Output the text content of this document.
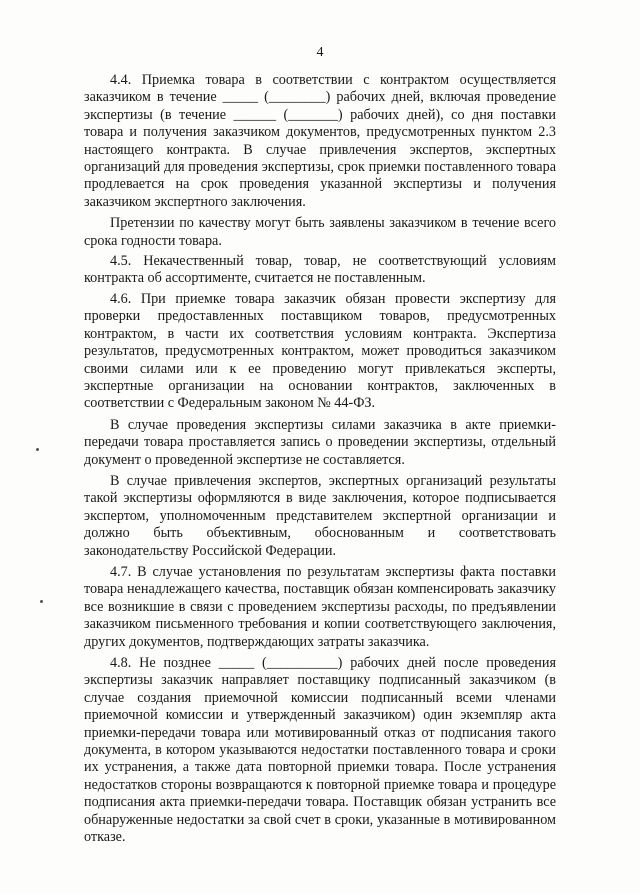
4

4.4. Приемка товара в соответствии с контрактом осуществляется заказчиком в течение _____ (________) рабочих дней, включая проведение экспертизы (в течение ______ (_______) рабочих дней), со дня поставки товара и получения заказчиком документов, предусмотренных пунктом 2.3 настоящего контракта. В случае привлечения экспертов, экспертных организаций для проведения экспертизы, срок приемки поставленного товара продлевается на срок проведения указанной экспертизы и получения заказчиком экспертного заключения.

Претензии по качеству могут быть заявлены заказчиком в течение всего срока годности товара.

4.5. Некачественный товар, товар, не соответствующий условиям контракта об ассортименте, считается не поставленным.

4.6. При приемке товара заказчик обязан провести экспертизу для проверки предоставленных поставщиком товаров, предусмотренных контрактом, в части их соответствия условиям контракта. Экспертиза результатов, предусмотренных контрактом, может проводиться заказчиком своими силами или к ее проведению могут привлекаться эксперты, экспертные организации на основании контрактов, заключенных в соответствии с Федеральным законом № 44-ФЗ.

В случае проведения экспертизы силами заказчика в акте приемки-передачи товара проставляется запись о проведении экспертизы, отдельный документ о проведенной экспертизе не составляется.

В случае привлечения экспертов, экспертных организаций результаты такой экспертизы оформляются в виде заключения, которое подписывается экспертом, уполномоченным представителем экспертной организации и должно быть объективным, обоснованным и соответствовать законодательству Российской Федерации.

4.7. В случае установления по результатам экспертизы факта поставки товара ненадлежащего качества, поставщик обязан компенсировать заказчику все возникшие в связи с проведением экспертизы расходы, по предъявлении заказчиком письменного требования и копии соответствующего заключения, других документов, подтверждающих затраты заказчика.

4.8. Не позднее _____ (__________) рабочих дней после проведения экспертизы заказчик направляет поставщику подписанный заказчиком (в случае создания приемочной комиссии подписанный всеми членами приемочной комиссии и утвержденный заказчиком) один экземпляр акта приемки-передачи товара или мотивированный отказ от подписания такого документа, в котором указываются недостатки поставленного товара и сроки их устранения, а также дата повторной приемки товара. После устранения недостатков стороны возвращаются к повторной приемке товара и процедуре подписания акта приемки-передачи товара. Поставщик обязан устранить все обнаруженные недостатки за свой счет в сроки, указанные в мотивированном отказе.
